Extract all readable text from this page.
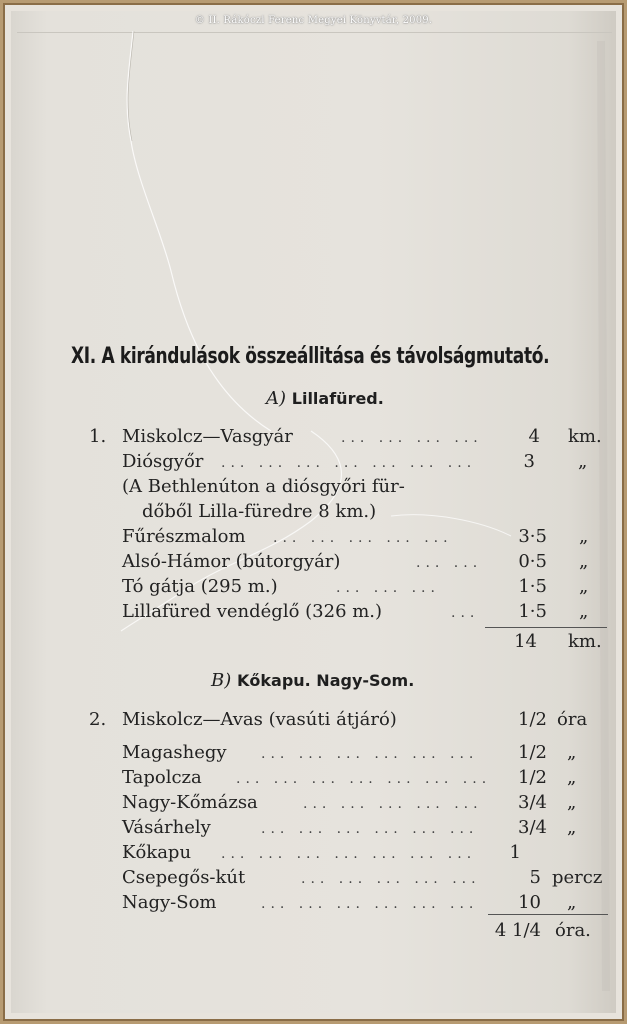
© II. Rákóczi Ferenc Megyei Könyvtár, 2009.
XI. A kirándulások összeállitása és távolságmutató.
A) Lillafüred.
1. Miskolcz—Vasgyár	... ... ... ...	4 km.
Diósgyőr ... ... ... ... ... ... ...	3 „
(A Bethlenúton a diósgyőri für-
dőből Lilla-füredre 8 km.)
Fűrészmalom ... ... ... ... ...	3·5 „
Alsó-Hámor (bútorgyár)	... ... 0·5 „
Tó gátja (295 m.)	... ... ...	1·5 „
Lillafüred vendéglő (326 m.)	... 1·5 „
14 km.
B) Kőkapu. Nagy-Som.
2. Miskolcz—Avas (vasúti átjáró)	1/2 óra
Magashegy ... ... ... ... ... ...	1/2 „
Tapolcza ... ... ... ... ... ... ...	1/2 „
Nagy-Kőmázsa	... ... ... ... ...	3/4 „
Vásárhely	... ... ... ... ... ...	3/4 „
Kőkapu ... ... ... ... ... ... ...	1
Csepegős-kút	... ... ... ... ...	5 percz
Nagy-Som	... ... ... ... ... ...	10 „
4 1/4 óra.
